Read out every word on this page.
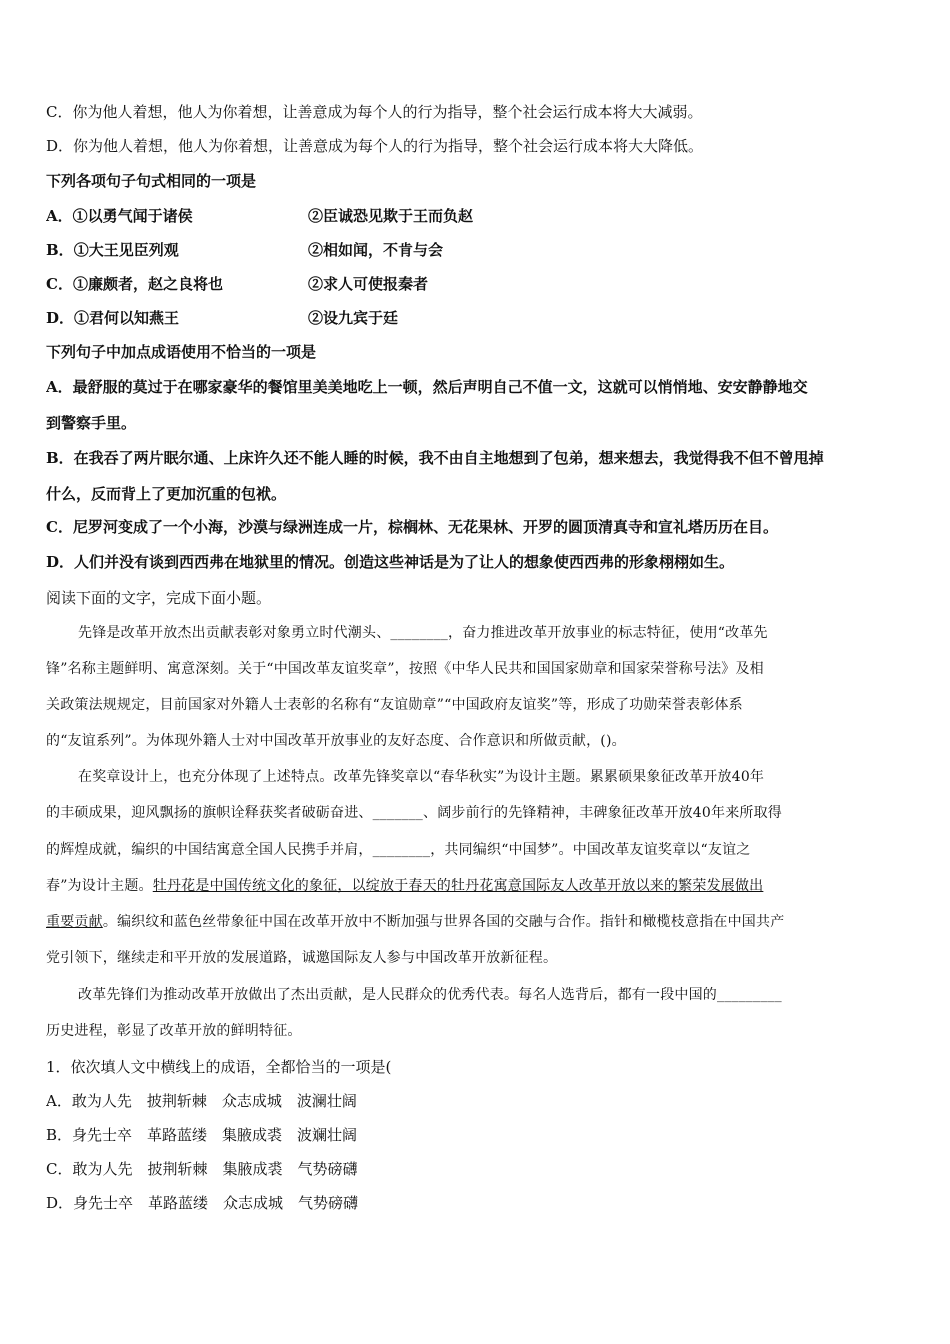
C．你为他人着想，他人为你着想，让善意成为每个人的行为指导，整个社会运行成本将大大减弱。
D．你为他人着想，他人为你着想，让善意成为每个人的行为指导，整个社会运行成本将大大降低。
下列各项句子句式相同的一项是
A．①以勇气闻于诸侯	②臣诚恐见欺于王而负赵
B．①大王见臣列观	②相如闻，不肯与会
C．①廉颇者，赵之良将也	②求人可使报秦者
D．①君何以知燕王	②设九宾于廷
下列句子中加点成语使用不恰当的一项是
A．最舒服的莫过于在哪家豪华的餐馆里美美地吃上一顿，然后声明自己不值一文，这就可以悄悄地、安安静静地交
到警察手里。
B．在我吞了两片眠尔通、上床许久还不能人睡的时候，我不由自主地想到了包弟，想来想去，我觉得我不但不曾甩掉
什么，反而背上了更加沉重的包袱。
C．尼罗河变成了一个小海，沙漠与绿洲连成一片，棕榈林、无花果林、开罗的圆顶清真寺和宣礼塔历历在目。
D．人们并没有谈到西西弗在地狱里的情况。创造这些神话是为了让人的想象使西西弗的形象栩栩如生。
阅读下面的文字，完成下面小题。
先锋是改革开放杰出贡献表彰对象勇立时代潮头、________，奋力推进改革开放事业的标志特征，使用“改革先
锋”名称主题鲜明、寓意深刻。关于“中国改革友谊奖章”，按照《中华人民共和国国家勋章和国家荣誉称号法》及相
关政策法规规定，目前国家对外籍人士表彰的名称有“友谊勋章”“中国政府友谊奖”等，形成了功勋荣誉表彰体系
的“友谊系列”。为体现外籍人士对中国改革开放事业的友好态度、合作意识和所做贡献，()。
在奖章设计上，也充分体现了上述特点。改革先锋奖章以“春华秋实”为设计主题。累累硕果象征改革开放40年
的丰硕成果，迎风飘扬的旗帜诠释获奖者破砺奋进、_______、阔步前行的先锋精神，丰碑象征改革开放40年来所取得
的辉煌成就，编织的中国结寓意全国人民携手并肩，________，共同编织“中国梦”。中国改革友谊奖章以“友谊之
春”为设计主题。牡丹花是中国传统文化的象征，以绽放于春天的牡丹花寓意国际友人改革开放以来的繁荣发展做出
重要贡献。编织纹和蓝色丝带象征中国在改革开放中不断加强与世界各国的交融与合作。指针和橄榄枝意指在中国共产
党引领下，继续走和平开放的发展道路，诚邀国际友人参与中国改革开放新征程。
改革先锋们为推动改革开放做出了杰出贡献，是人民群众的优秀代表。每名人选背后，都有一段中国的_________
历史进程，彰显了改革开放的鲜明特征。
1．依次填人文中横线上的成语，全都恰当的一项是(
A．敢为人先　披荆斩棘　众志成城　波澜壮阔
B．身先士卒　革路蓝缕　集腋成裘　波斓壮阔
C．敢为人先　披荆斩棘　集腋成裘　气势磅礴
D．身先士卒　革路蓝缕　众志成城　气势磅礴
